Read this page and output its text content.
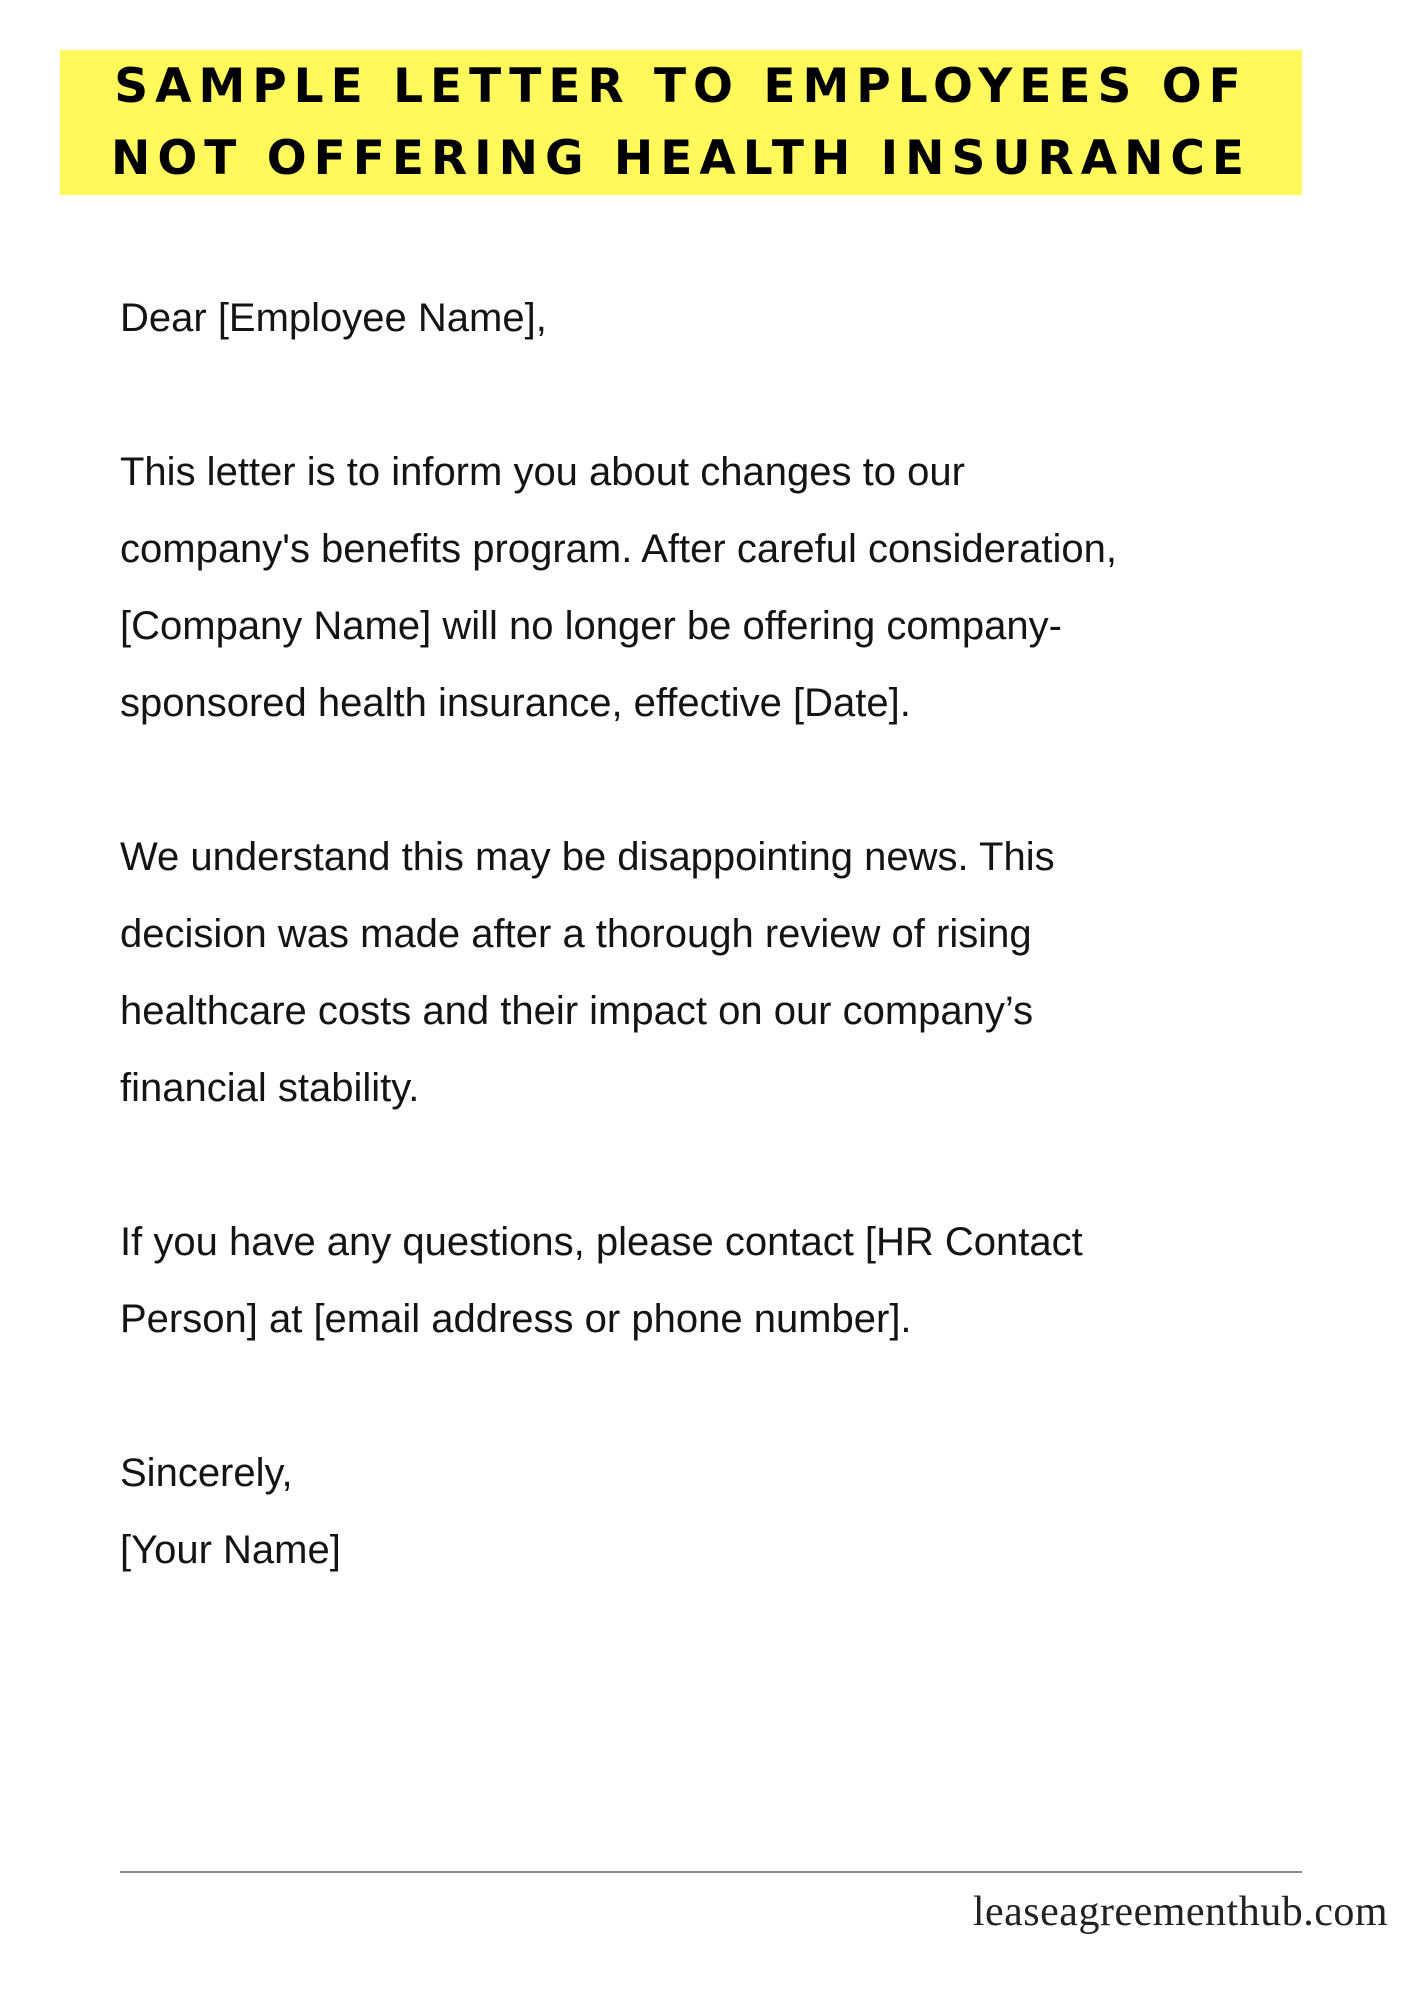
SAMPLE LETTER TO EMPLOYEES OF
NOT OFFERING HEALTH INSURANCE

Dear [Employee Name],

This letter is to inform you about changes to our
company's benefits program. After careful consideration,
[Company Name] will no longer be offering company-
sponsored health insurance, effective [Date].

We understand this may be disappointing news. This
decision was made after a thorough review of rising
healthcare costs and their impact on our company’s
financial stability.

If you have any questions, please contact [HR Contact
Person] at [email address or phone number].

Sincerely,
[Your Name]

leaseagreementhub.com
